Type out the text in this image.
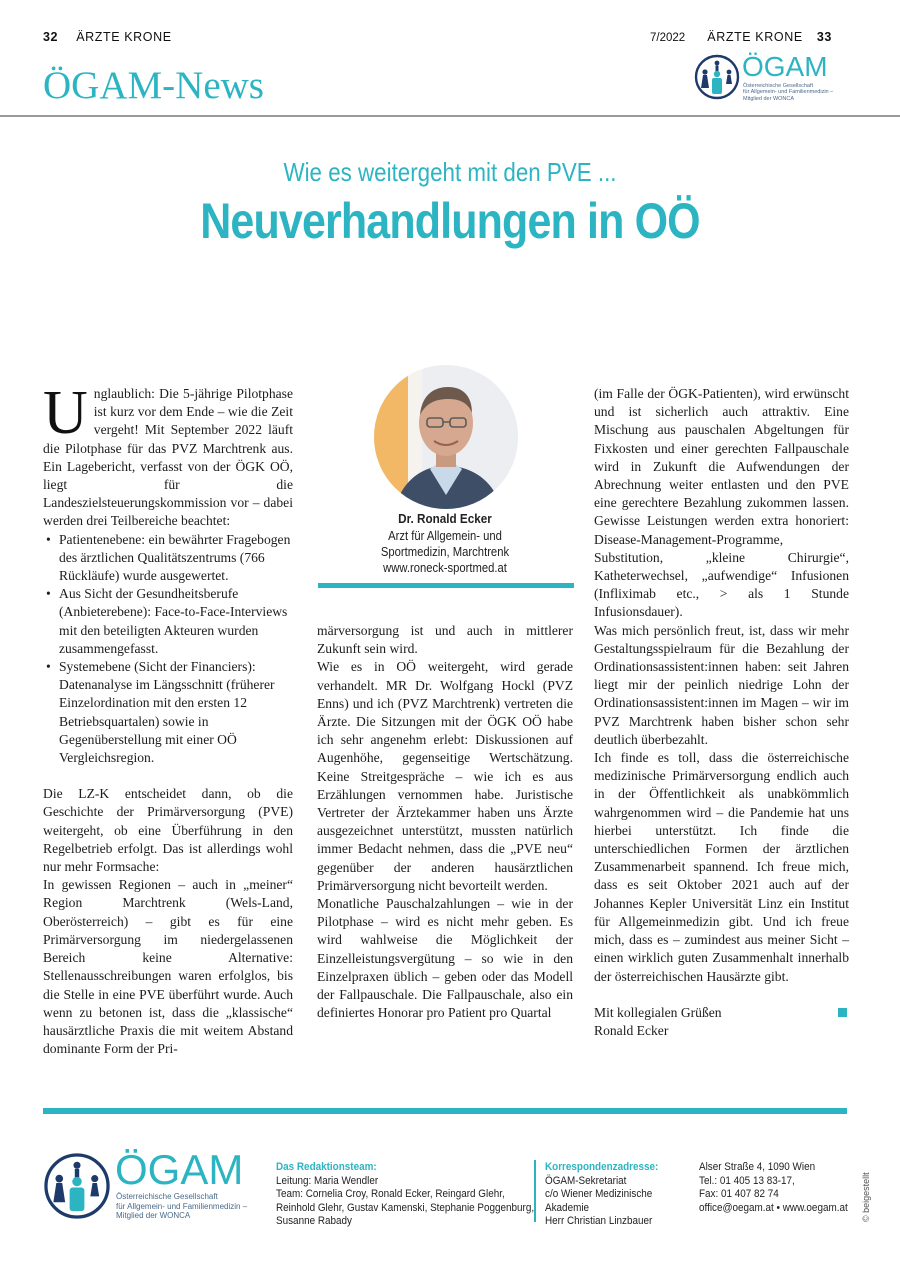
32 ÄRZTE KRONE	7/2022 ÄRZTE KRONE 33
ÖGAM-News	ÖGAM
Österreichische Gesellschaft
für Allgemein- und Familienmedizin –
Mitglied der WONCA
Wie es weitergeht mit den PVE ...
Neuverhandlungen in OÖ

Unglaublich: Die 5-jährige Pilotphase ist kurz vor dem Ende – wie die Zeit vergeht! Mit September 2022 läuft die Pilotphase für das PVZ Marchtrenk aus. Ein Lagebericht, verfasst von der ÖGK OÖ, liegt für die Landeszielsteuerungskommission vor – dabei werden drei Teilbereiche beachtet:

• Patientenebene: ein bewährter Fragebogen des ärztlichen Qualitätszentrums (766 Rückläufe) wurde ausgewertet.
• Aus Sicht der Gesundheitsberufe (Anbieterebene): Face-to-Face-Interviews mit den beteiligten Akteuren wurden zusammengefasst.
• Systemebene (Sicht der Financiers): Datenanalyse im Längsschnitt (früherer Einzelordination mit den ersten 12 Betriebsquartalen) sowie in Gegenüberstellung mit einer OÖ Vergleichsregion.

Die LZ-K entscheidet dann, ob die Geschichte der Primärversorgung (PVE) weitergeht, ob eine Überführung in den Regelbetrieb erfolgt. Das ist allerdings wohl nur mehr Formsache:

In gewissen Regionen – auch in „meiner“ Region Marchtrenk (Wels-Land, Oberösterreich) – gibt es für eine Primärversorgung im niedergelassenen Bereich keine Alternative: Stellenausschreibungen waren erfolglos, bis die Stelle in eine PVE überführt wurde. Auch wenn zu betonen ist, dass die „klassische“ hausärztliche Praxis die mit weitem Abstand dominante Form der Pri-

Dr. Ronald Ecker
Arzt für Allgemein- und Sportmedizin, Marchtrenk
www.roneck-sportmed.at

märversorgung ist und auch in mittlerer Zukunft sein wird.

Wie es in OÖ weitergeht, wird gerade verhandelt. MR Dr. Wolfgang Hockl (PVZ Enns) und ich (PVZ Marchtrenk) vertreten die Ärzte. Die Sitzungen mit der ÖGK OÖ habe ich sehr angenehm erlebt: Diskussionen auf Augenhöhe, gegenseitige Wertschätzung. Keine Streitgespräche – wie ich es aus Erzählungen vernommen habe. Juristische Vertreter der Ärztekammer haben uns Ärzte ausgezeichnet unterstützt, mussten natürlich immer Bedacht nehmen, dass die „PVE neu“ gegenüber der anderen hausärztlichen Primärversorgung nicht bevorteilt werden.

Monatliche Pauschalzahlungen – wie in der Pilotphase – wird es nicht mehr geben. Es wird wahlweise die Möglichkeit der Einzelleistungsvergütung – so wie in den Einzelpraxen üblich – geben oder das Modell der Fallpauschale. Die Fallpauschale, also ein definiertes Honorar pro Patient pro Quartal

(im Falle der ÖGK-Patienten), wird erwünscht und ist sicherlich auch attraktiv. Eine Mischung aus pauschalen Abgeltungen für Fixkosten und einer gerechten Fallpauschale wird in Zukunft die Aufwendungen der Abrechnung weiter entlasten und den PVE eine gerechtere Bezahlung zukommen lassen. Gewisse Leistungen werden extra honoriert: Disease-Management-Programme, Substitution, „kleine Chirurgie“, Katheterwechsel, „aufwendige“ Infusionen (Infliximab etc., > als 1 Stunde Infusionsdauer).

Was mich persönlich freut, ist, dass wir mehr Gestaltungsspielraum für die Bezahlung der Ordinationsassistent:innen haben: seit Jahren liegt mir der peinlich niedrige Lohn der Ordinationsassistent:innen im Magen – wir im PVZ Marchtrenk haben bisher schon sehr deutlich überbezahlt.

Ich finde es toll, dass die österreichische medizinische Primärversorgung endlich auch in der Öffentlichkeit als unabkömmlich wahrgenommen wird – die Pandemie hat uns hierbei unterstützt. Ich finde die unterschiedlichen Formen der ärztlichen Zusammenarbeit spannend. Ich freue mich, dass es seit Oktober 2021 auch auf der Johannes Kepler Universität Linz ein Institut für Allgemeinmedizin gibt. Und ich freue mich, dass es – zumindest aus meiner Sicht – einen wirklich guten Zusammenhalt innerhalb der österreichischen Hausärzte gibt.

Mit kollegialen Grüßen

Ronald Ecker

ÖGAM
Österreichische Gesellschaft
für Allgemein- und Familienmedizin –
Mitglied der WONCA
Das Redaktionsteam:
Leitung: Maria Wendler
Team: Cornelia Croy, Ronald Ecker, Reingard Glehr,
Reinhold Glehr, Gustav Kamenski, Stephanie Poggenburg,
Susanne Rabady
Korrespondenzadresse:
ÖGAM-Sekretariat
c/o Wiener Medizinische Akademie
Herr Christian Linzbauer
Alser Straße 4, 1090 Wien
Tel.: 01 405 13 83-17,
Fax: 01 407 82 74
office@oegam.at • www.oegam.at	© beigestellt
